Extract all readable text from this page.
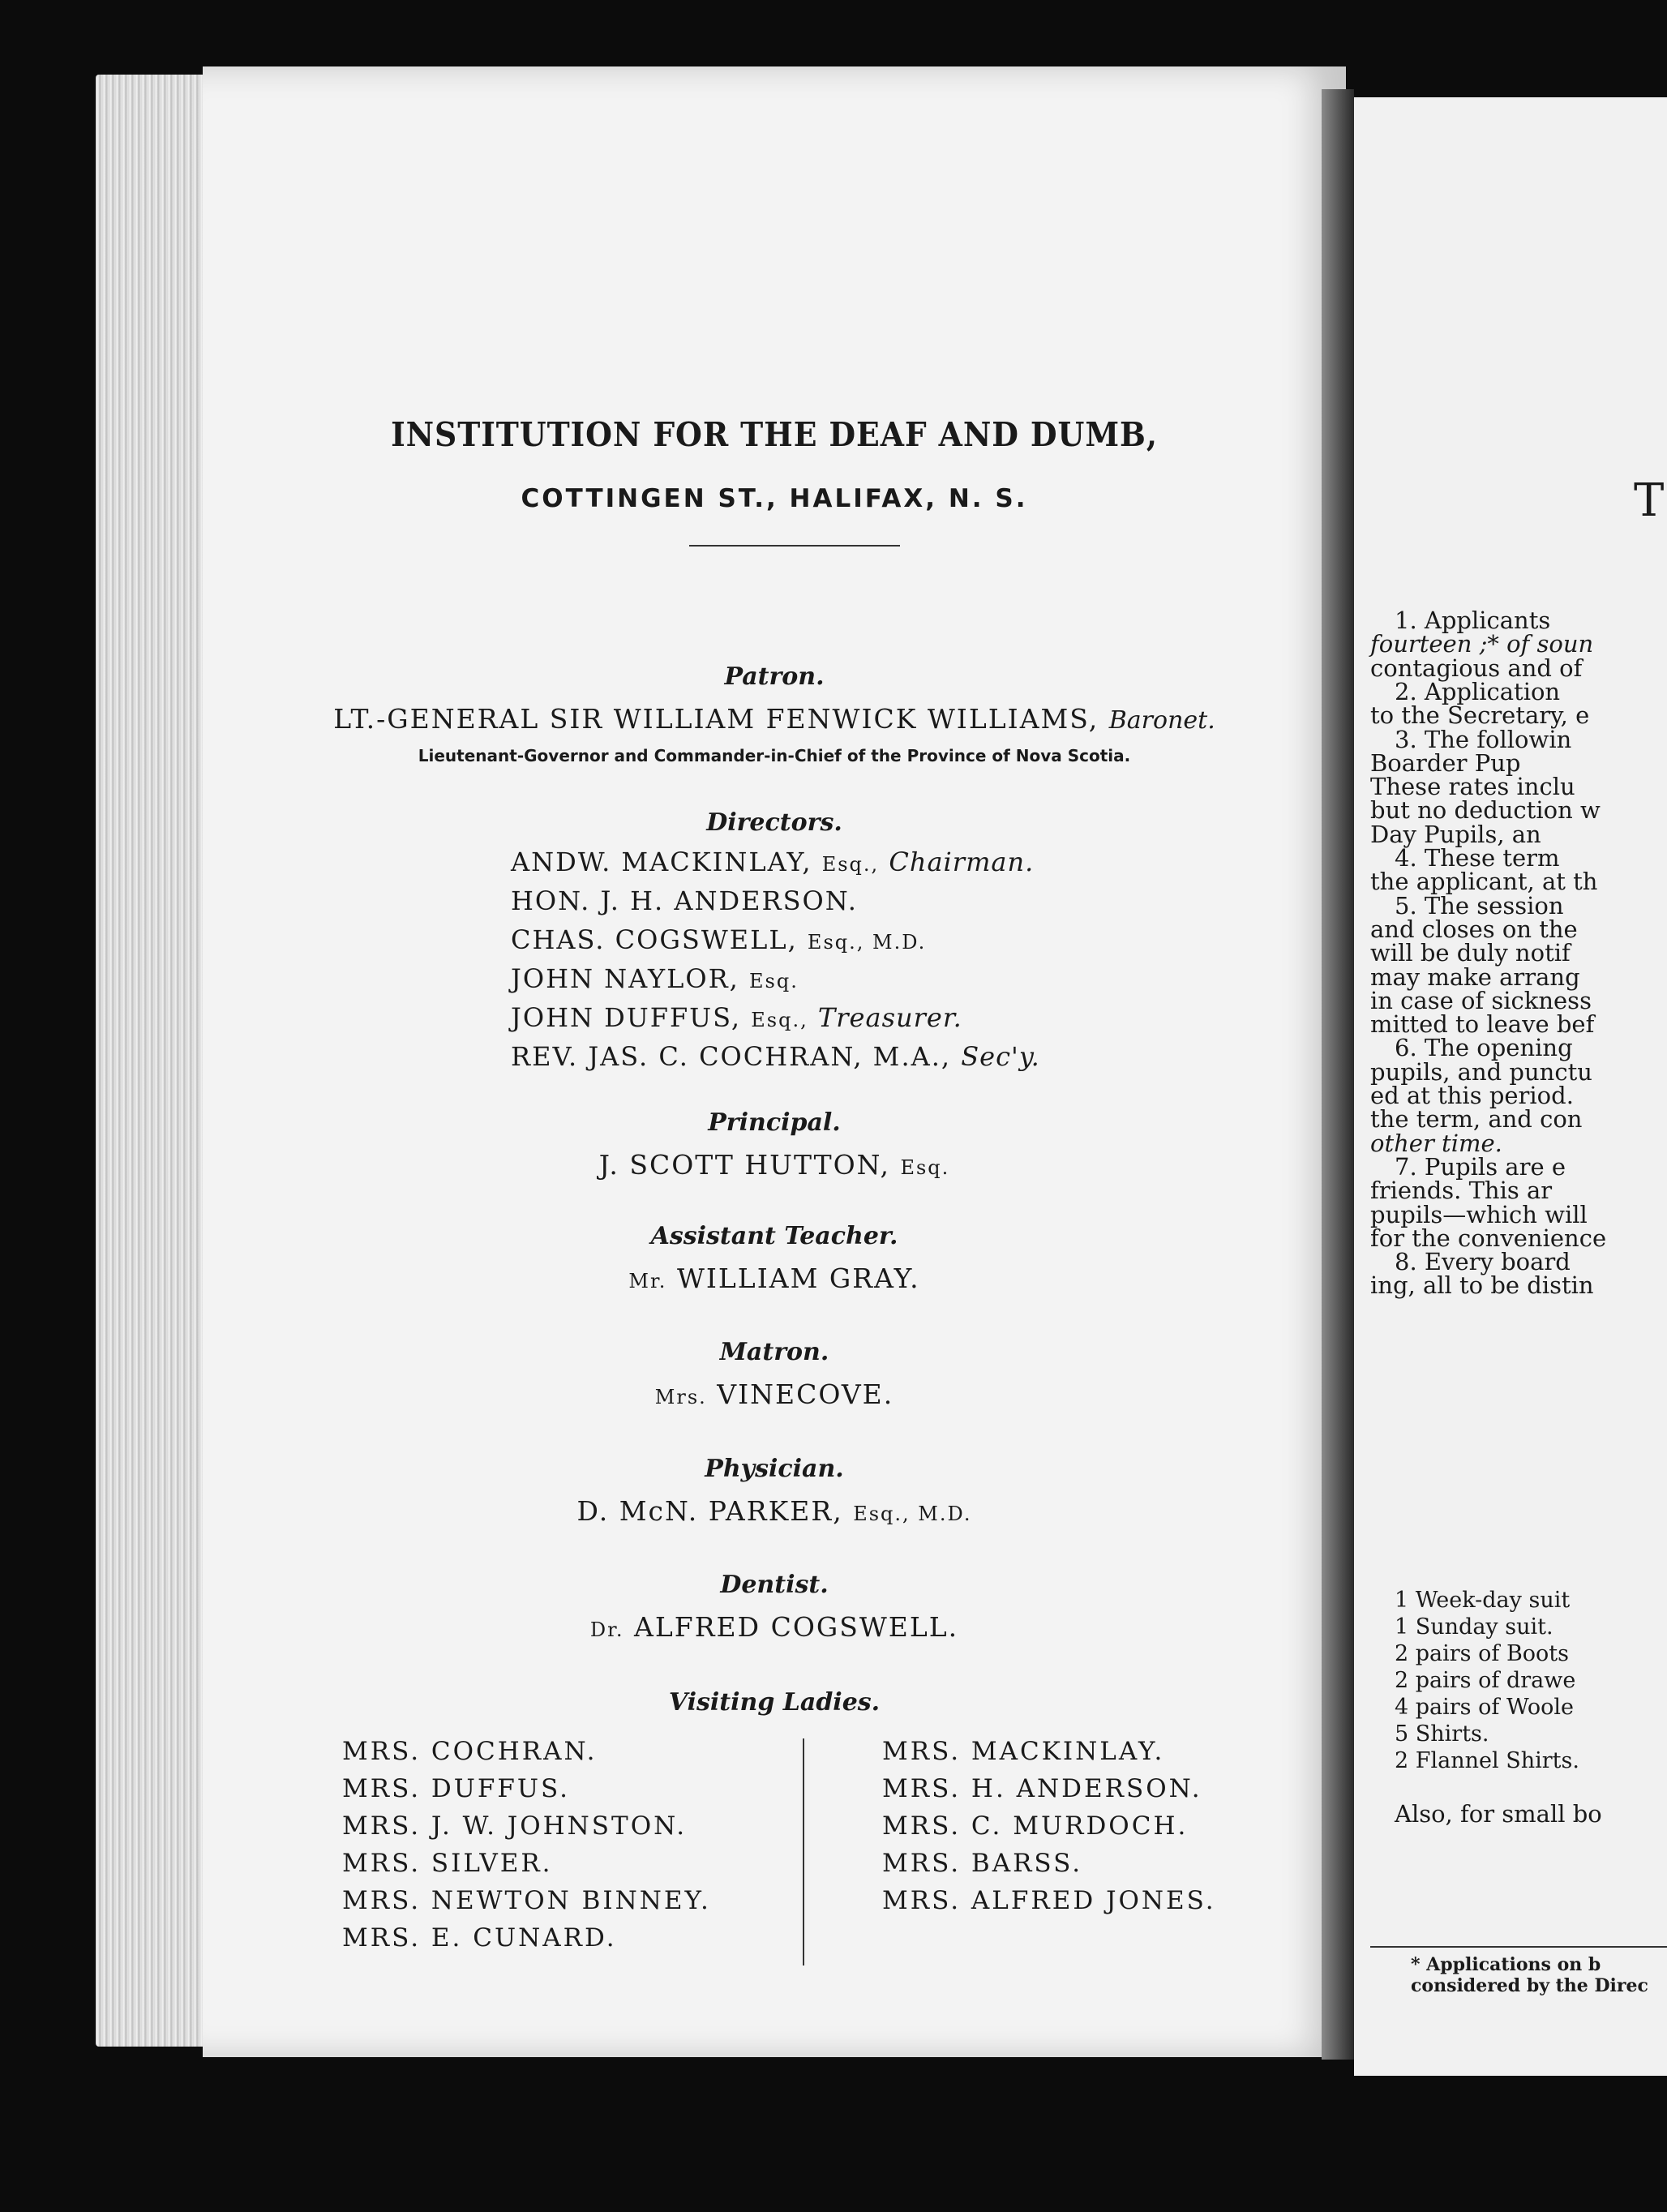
INSTITUTION FOR THE DEAF AND DUMB,
COTTINGEN ST., HALIFAX, N. S.
Patron.
LT.-GENERAL SIR WILLIAM FENWICK WILLIAMS, Baronet.
Lieutenant-Governor and Commander-in-Chief of the Province of Nova Scotia.
Directors.
ANDW. MACKINLAY, Esq., Chairman.
HON. J. H. ANDERSON.
CHAS. COGSWELL, Esq., M.D.
JOHN NAYLOR, Esq.
JOHN DUFFUS, Esq., Treasurer.
REV. JAS. C. COCHRAN, M.A., Sec'y.
Principal.
J. SCOTT HUTTON, Esq.
Assistant Teacher.
Mr. WILLIAM GRAY.
Matron.
Mrs. VINECOVE.
Physician.
D. McN. PARKER, Esq., M.D.
Dentist.
Dr. ALFRED COGSWELL.
Visiting Ladies.
MRS. COCHRAN.
MRS. DUFFUS.
MRS. J. W. JOHNSTON.
MRS. SILVER.
MRS. NEWTON BINNEY.
MRS. E. CUNARD.
MRS. MACKINLAY.
MRS. H. ANDERSON.
MRS. C. MURDOCH.
MRS. BARSS.
MRS. ALFRED JONES.
T
1. Applicants
fourteen ;* of soun
contagious and of
2. Application
to the Secretary, e
3. The followin
Boarder Pup
These rates inclu
but no deduction w
Day Pupils, an
4. These term
the applicant, at th
5. The session
and closes on the
will be duly notif
may make arrang
in case of sickness
mitted to leave bef
6. The opening
pupils, and punctu
ed at this period.
the term, and con
other time.
7. Pupils are e
friends. This ar
pupils—which will
for the convenience
8. Every board
ing, all to be distin
1 Week-day suit
1 Sunday suit.
2 pairs of Boots
2 pairs of drawe
4 pairs of Woole
5 Shirts.
2 Flannel Shirts.
Also, for small bo
* Applications on b
considered by the Direc
